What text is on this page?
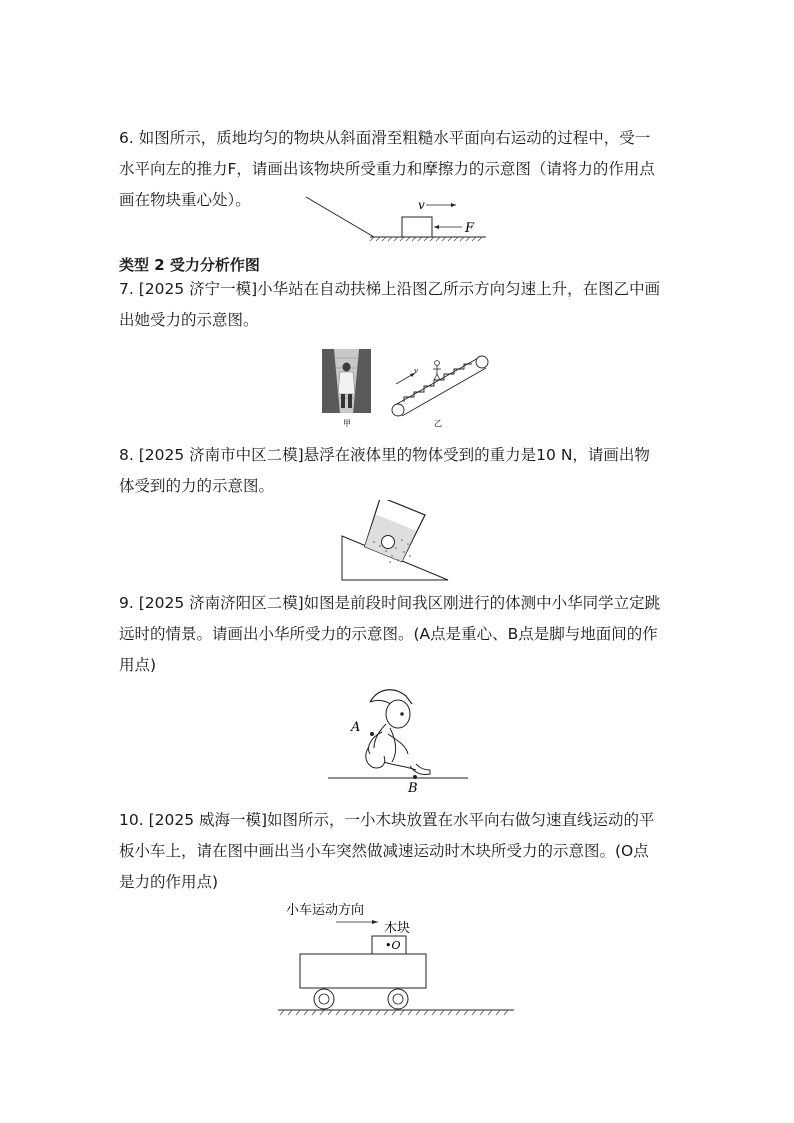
6. 如图所示，质地均匀的物块从斜面滑至粗糙水平面向右运动的过程中，受一
水平向左的推力F，请画出该物块所受重力和摩擦力的示意图（请将力的作用点
画在物块重心处）。	v
F
类型 2 受力分析作图
7. [2025 济宁一模]小华站在自动扶梯上沿图乙所示方向匀速上升，在图乙中画
出她受力的示意图。
甲
v
乙
8. [2025 济南市中区二模]悬浮在液体里的物体受到的重力是10 N，请画出物
体受到的力的示意图。
9. [2025 济南济阳区二模]如图是前段时间我区刚进行的体测中小华同学立定跳
远时的情景。请画出小华所受力的示意图。(A点是重心、B点是脚与地面间的作
用点)
A
B
10. [2025 威海一模]如图所示，一小木块放置在水平向右做匀速直线运动的平
板小车上，请在图中画出当小车突然做减速运动时木块所受力的示意图。(O点
是力的作用点)
小车运动方向
木块
•O
